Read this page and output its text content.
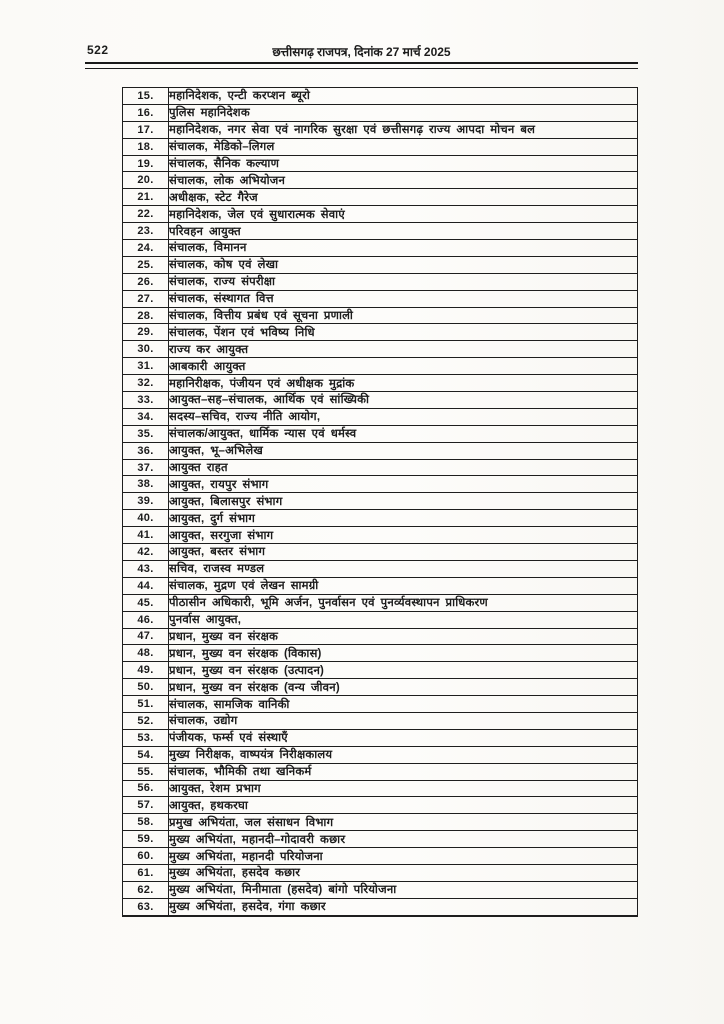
522	छत्तीसगढ़ राजपत्र, दिनांक 27 मार्च 2025
15.	महानिदेशक, एन्टी करप्शन ब्यूरो
16.	पुलिस महानिदेशक
17.	महानिदेशक, नगर सेवा एवं नागरिक सुरक्षा एवं छत्तीसगढ़ राज्य आपदा मोचन बल
18.	संचालक, मेडिको–लिगल
19.	संचालक, सैनिक कल्याण
20.	संचालक, लोक अभियोजन
21.	अधीक्षक, स्टेट गैरेज
22.	महानिदेशक, जेल एवं सुधारात्मक सेवाएं
23.	परिवहन आयुक्त
24.	संचालक, विमानन
25.	संचालक, कोष एवं लेखा
26.	संचालक, राज्य संपरीक्षा
27.	संचालक, संस्थागत वित्त
28.	संचालक, वित्तीय प्रबंध एवं सूचना प्रणाली
29.	संचालक, पेंशन एवं भविष्य निधि
30.	राज्य कर आयुक्त
31.	आबकारी आयुक्त
32.	महानिरीक्षक, पंजीयन एवं अधीक्षक मुद्रांक
33.	आयुक्त–सह–संचालक, आर्थिक एवं सांख्यिकी
34.	सदस्य–सचिव, राज्य नीति आयोग,
35.	संचालक/आयुक्त, धार्मिक न्यास एवं धर्मस्व
36.	आयुक्त, भू–अभिलेख
37.	आयुक्त राहत
38.	आयुक्त, रायपुर संभाग
39.	आयुक्त, बिलासपुर संभाग
40.	आयुक्त, दुर्ग संभाग
41.	आयुक्त, सरगुजा संभाग
42.	आयुक्त, बस्तर संभाग
43.	सचिव, राजस्व मण्डल
44.	संचालक, मुद्रण एवं लेखन सामग्री
45.	पीठासीन अधिकारी, भूमि अर्जन, पुनर्वासन एवं पुनर्व्यवस्थापन प्राधिकरण
46.	पुनर्वास आयुक्त,
47.	प्रधान, मुख्य वन संरक्षक
48.	प्रधान, मुख्य वन संरक्षक (विकास)
49.	प्रधान, मुख्य वन संरक्षक (उत्पादन)
50.	प्रधान, मुख्य वन संरक्षक (वन्य जीवन)
51.	संचालक, सामजिक वानिकी
52.	संचालक, उद्योग
53.	पंजीयक, फर्म्स एवं संस्थाएँ
54.	मुख्य निरीक्षक, वाष्पयंत्र निरीक्षकालय
55.	संचालक, भौमिकी तथा खनिकर्म
56.	आयुक्त, रेशम प्रभाग
57.	आयुक्त, हथकरघा
58.	प्रमुख अभियंता, जल संसाधन विभाग
59.	मुख्य अभियंता, महानदी–गोदावरी कछार
60.	मुख्य अभियंता, महानदी परियोजना
61.	मुख्य अभियंता, हसदेव कछार
62.	मुख्य अभियंता, मिनीमाता (हसदेव) बांगो परियोजना
63.	मुख्य अभियंता, हसदेव, गंगा कछार
